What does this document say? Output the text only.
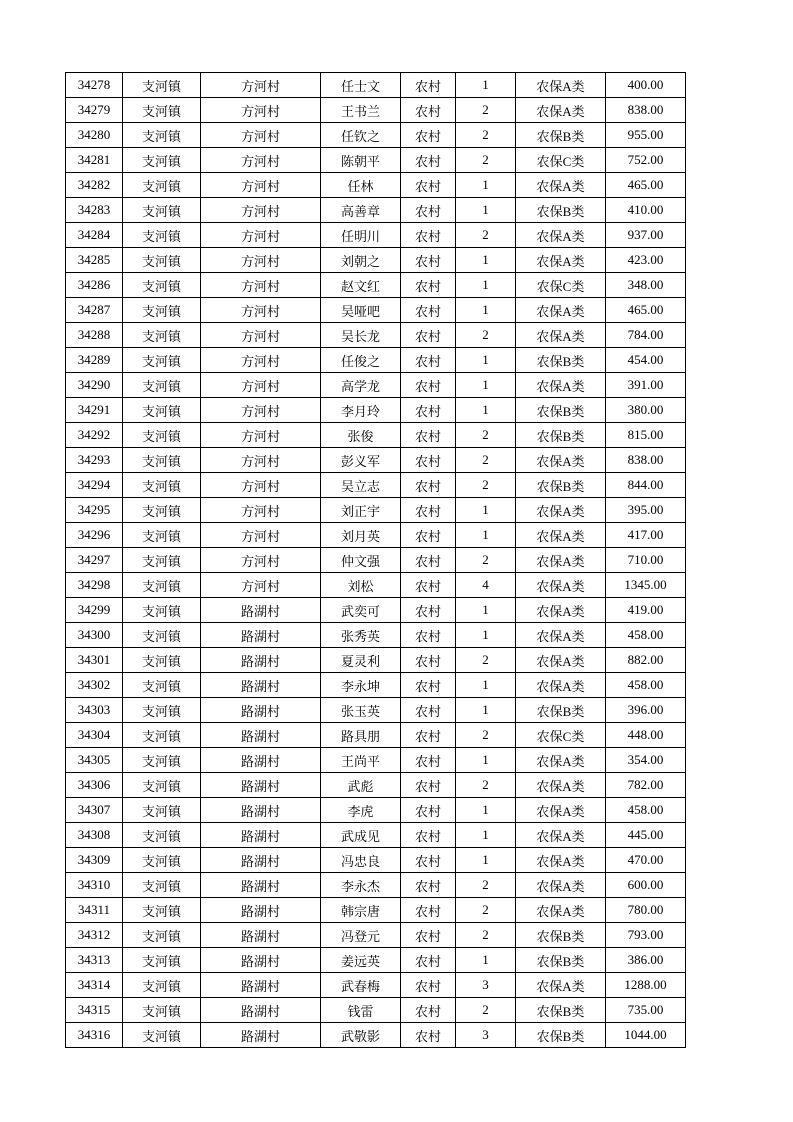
34278	支河镇	方河村	任士文	农村	1	农保A类	400.00
34279	支河镇	方河村	王书兰	农村	2	农保A类	838.00
34280	支河镇	方河村	任钦之	农村	2	农保B类	955.00
34281	支河镇	方河村	陈朝平	农村	2	农保C类	752.00
34282	支河镇	方河村	任林	农村	1	农保A类	465.00
34283	支河镇	方河村	高善章	农村	1	农保B类	410.00
34284	支河镇	方河村	任明川	农村	2	农保A类	937.00
34285	支河镇	方河村	刘朝之	农村	1	农保A类	423.00
34286	支河镇	方河村	赵文红	农村	1	农保C类	348.00
34287	支河镇	方河村	吴哑吧	农村	1	农保A类	465.00
34288	支河镇	方河村	吴长龙	农村	2	农保A类	784.00
34289	支河镇	方河村	任俊之	农村	1	农保B类	454.00
34290	支河镇	方河村	高学龙	农村	1	农保A类	391.00
34291	支河镇	方河村	李月玲	农村	1	农保B类	380.00
34292	支河镇	方河村	张俊	农村	2	农保B类	815.00
34293	支河镇	方河村	彭义军	农村	2	农保A类	838.00
34294	支河镇	方河村	吴立志	农村	2	农保B类	844.00
34295	支河镇	方河村	刘正宇	农村	1	农保A类	395.00
34296	支河镇	方河村	刘月英	农村	1	农保A类	417.00
34297	支河镇	方河村	仲文强	农村	2	农保A类	710.00
34298	支河镇	方河村	刘松	农村	4	农保A类	1345.00
34299	支河镇	路湖村	武奕可	农村	1	农保A类	419.00
34300	支河镇	路湖村	张秀英	农村	1	农保A类	458.00
34301	支河镇	路湖村	夏灵利	农村	2	农保A类	882.00
34302	支河镇	路湖村	李永坤	农村	1	农保A类	458.00
34303	支河镇	路湖村	张玉英	农村	1	农保B类	396.00
34304	支河镇	路湖村	路具朋	农村	2	农保C类	448.00
34305	支河镇	路湖村	王尚平	农村	1	农保A类	354.00
34306	支河镇	路湖村	武彪	农村	2	农保A类	782.00
34307	支河镇	路湖村	李虎	农村	1	农保A类	458.00
34308	支河镇	路湖村	武成见	农村	1	农保A类	445.00
34309	支河镇	路湖村	冯忠良	农村	1	农保A类	470.00
34310	支河镇	路湖村	李永杰	农村	2	农保A类	600.00
34311	支河镇	路湖村	韩宗唐	农村	2	农保A类	780.00
34312	支河镇	路湖村	冯登元	农村	2	农保B类	793.00
34313	支河镇	路湖村	姜远英	农村	1	农保B类	386.00
34314	支河镇	路湖村	武春梅	农村	3	农保A类	1288.00
34315	支河镇	路湖村	钱雷	农村	2	农保B类	735.00
34316	支河镇	路湖村	武敬影	农村	3	农保B类	1044.00
